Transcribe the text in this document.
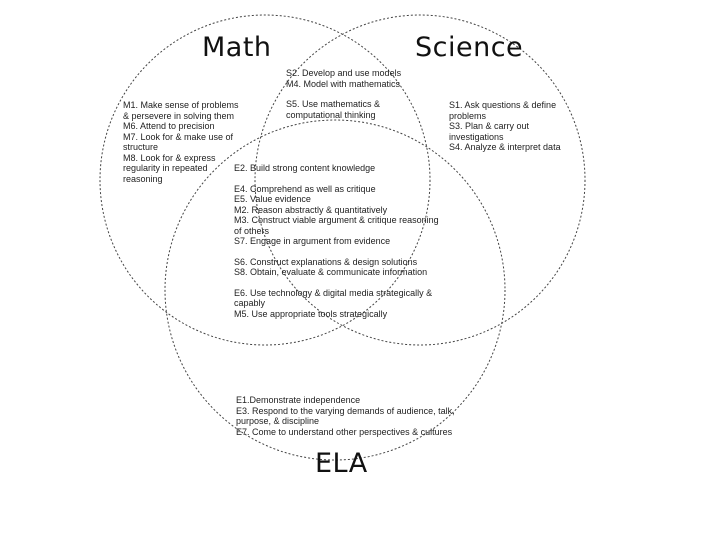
Math	Science
ELA

S2. Develop and use models
M4. Model with mathematics

S5. Use mathematics &
computational thinking

M1. Make sense of problems
& persevere in solving them
M6. Attend to precision
M7. Look for & make use of
structure
M8. Look for & express
regularity in repeated
reasoning
S1. Ask questions & define
problems
S3. Plan & carry out
investigations
S4. Analyze & interpret data

E2. Build strong content knowledge

E4. Comprehend as well as critique
E5. Value evidence
M2. Reason abstractly & quantitatively
M3. Construct viable argument & critique reasoning
of others
S7. Engage in argument from evidence

S6. Construct explanations & design solutions
S8. Obtain, evaluate & communicate information

E6. Use technology & digital media strategically &
capably
M5. Use appropriate tools strategically

E1.Demonstrate independence
E3. Respond to the varying demands of audience, talk,
purpose, & discipline
E7. Come to understand other perspectives & cultures
